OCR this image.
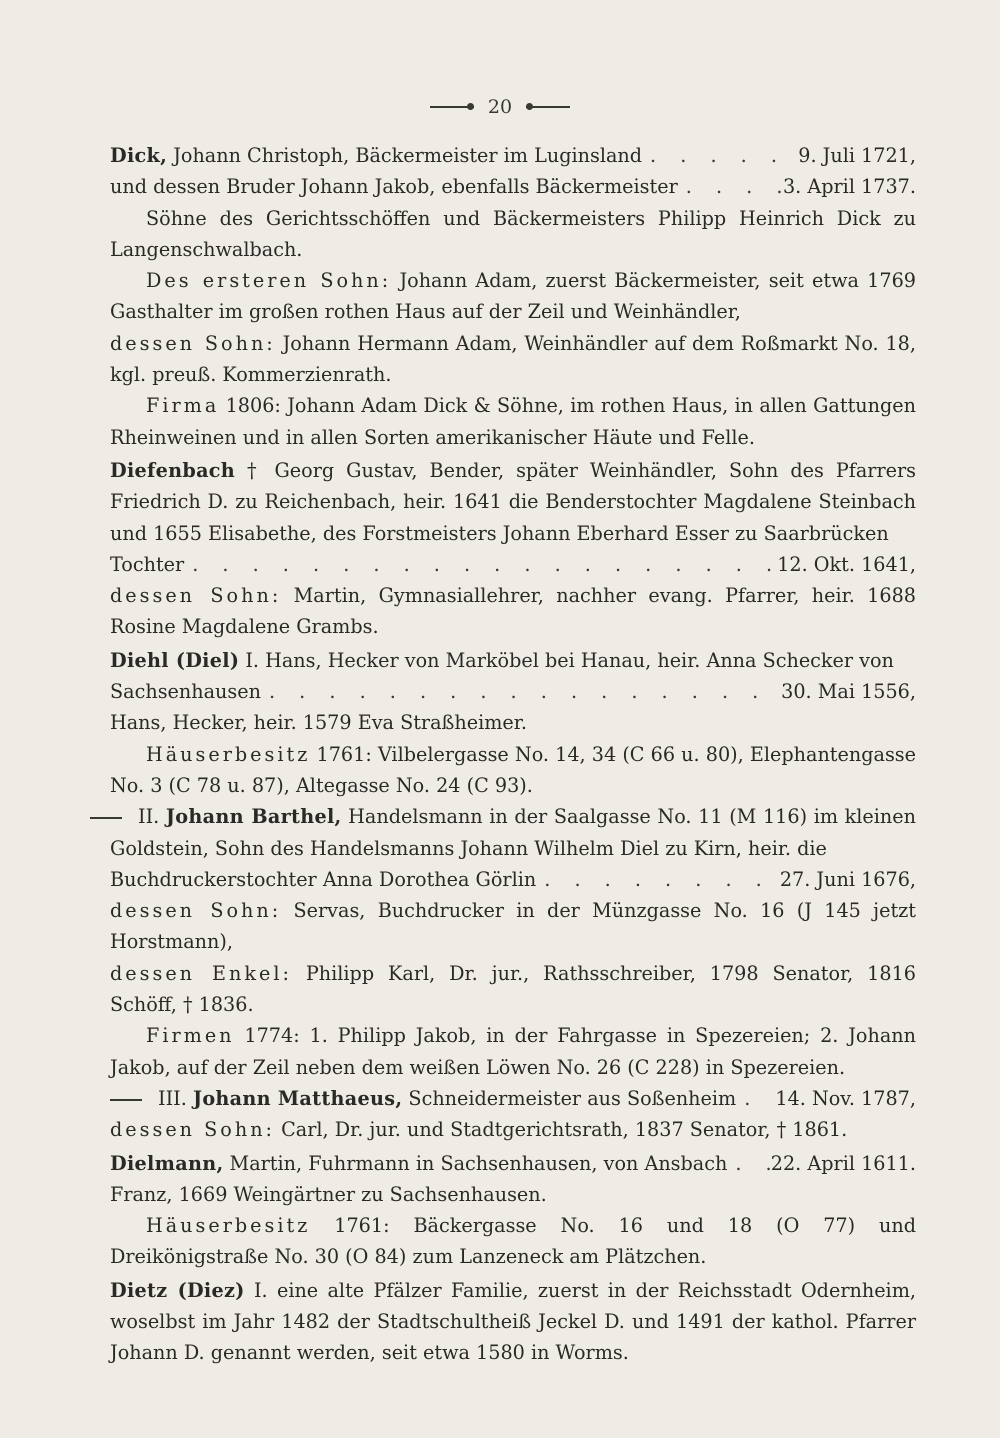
20
Dick, Johann Christoph, Bäckermeister im Luginsland . . .	9. Juli 1721,
und dessen Bruder Johann Jakob, ebenfalls Bäckermeister . . .	3. April 1737.

Söhne des Gerichtsschöffen und Bäckermeisters Philipp Heinrich Dick zu Langenschwalbach.

Des ersteren Sohn: Johann Adam, zuerst Bäckermeister, seit etwa 1769 Gasthalter im großen rothen Haus auf der Zeil und Weinhändler,

dessen Sohn: Johann Hermann Adam, Weinhändler auf dem Roßmarkt No. 18, kgl. preuß. Kommerzienrath.

Firma 1806: Johann Adam Dick & Söhne, im rothen Haus, in allen Gattungen Rheinweinen und in allen Sorten amerikanischer Häute und Felle.

Diefenbach † Georg Gustav, Bender, später Weinhändler, Sohn des Pfarrers Friedrich D. zu Reichenbach, heir. 1641 die Benderstochter Magdalene Steinbach und 1655 Elisabethe, des Forstmeisters Johann Eberhard Esser zu Saarbrücken

Tochter . . .	12. Okt. 1641,

dessen Sohn: Martin, Gymnasiallehrer, nachher evang. Pfarrer, heir. 1688 Rosine Magdalene Grambs.

Diehl (Diel) I. Hans, Hecker von Marköbel bei Hanau, heir. Anna Schecker von

Sachsenhausen . . .	30. Mai 1556,

Hans, Hecker, heir. 1579 Eva Straßheimer.

Häuserbesitz 1761: Vilbelergasse No. 14, 34 (C 66 u. 80), Elephantengasse No. 3 (C 78 u. 87), Altegasse No. 24 (C 93).

II. Johann Barthel, Handelsmann in der Saalgasse No. 11 (M 116) im kleinen Goldstein, Sohn des Handelsmanns Johann Wilhelm Diel zu Kirn, heir. die

Buchdruckerstochter Anna Dorothea Görlin . . .	27. Juni 1676,

dessen Sohn: Servas, Buchdrucker in der Münzgasse No. 16 (J 145 jetzt Horstmann),

dessen Enkel: Philipp Karl, Dr. jur., Rathsschreiber, 1798 Senator, 1816 Schöff, † 1836.

Firmen 1774: 1. Philipp Jakob, in der Fahrgasse in Spezereien; 2. Johann Jakob, auf der Zeil neben dem weißen Löwen No. 26 (C 228) in Spezereien.

III. Johann Matthaeus, Schneidermeister aus Soßenheim . . . 14. Nov. 1787,

dessen Sohn: Carl, Dr. jur. und Stadtgerichtsrath, 1837 Senator, † 1861.

Dielmann, Martin, Fuhrmann in Sachsenhausen, von Ansbach . . . 22. April 1611.

Franz, 1669 Weingärtner zu Sachsenhausen.

Häuserbesitz 1761: Bäckergasse No. 16 und 18 (O 77) und Dreikönigstraße No. 30 (O 84) zum Lanzeneck am Plätzchen.

Dietz (Diez) I. eine alte Pfälzer Familie, zuerst in der Reichsstadt Odernheim, woselbst im Jahr 1482 der Stadtschultheiß Jeckel D. und 1491 der kathol. Pfarrer Johann D. genannt werden, seit etwa 1580 in Worms.
